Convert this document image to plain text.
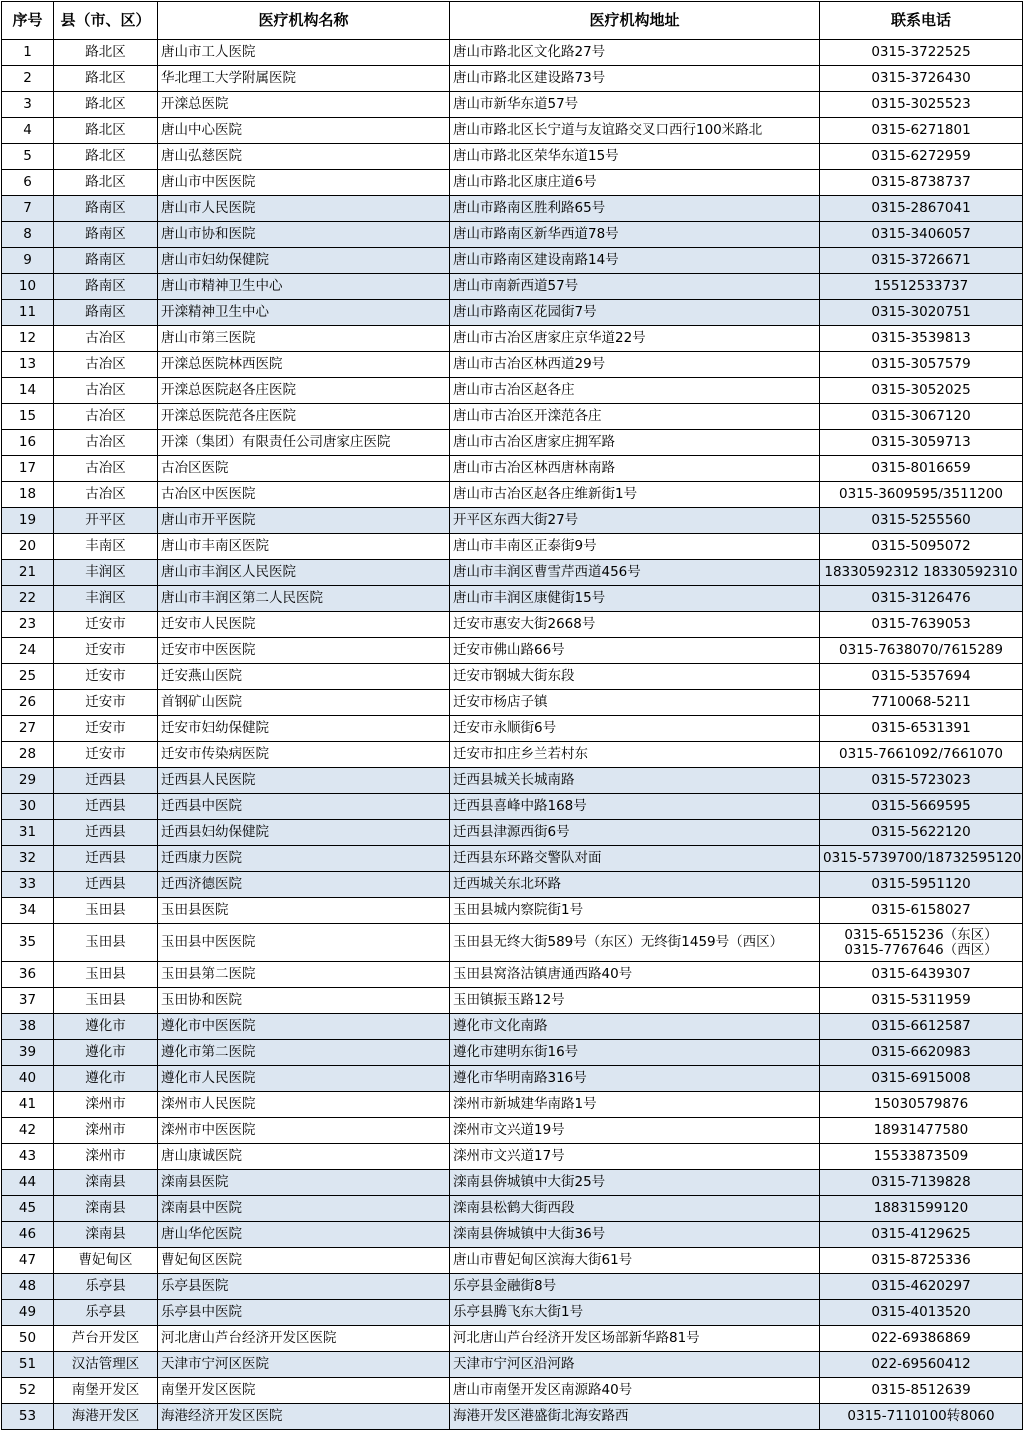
序号	县（市、区）	医疗机构名称	医疗机构地址	联系电话
1	路北区	唐山市工人医院	唐山市路北区文化路27号	0315-3722525

2	路北区	华北理工大学附属医院	唐山市路北区建设路73号	0315-3726430

3	路北区	开滦总医院	唐山市新华东道57号	0315-3025523

4	路北区	唐山中心医院	唐山市路北区长宁道与友谊路交叉口西行100米路北	0315-6271801

5	路北区	唐山弘慈医院	唐山市路北区荣华东道15号	0315-6272959

6	路北区	唐山市中医医院	唐山市路北区康庄道6号	0315-8738737

7	路南区	唐山市人民医院	唐山市路南区胜利路65号	0315-2867041

8	路南区	唐山市协和医院	唐山市路南区新华西道78号	0315-3406057

9	路南区	唐山市妇幼保健院	唐山市路南区建设南路14号	0315-3726671

10	路南区	唐山市精神卫生中心	唐山市南新西道57号	15512533737

11	路南区	开滦精神卫生中心	唐山市路南区花园街7号	0315-3020751

12	古冶区	唐山市第三医院	唐山市古冶区唐家庄京华道22号	0315-3539813

13	古冶区	开滦总医院林西医院	唐山市古冶区林西道29号	0315-3057579

14	古冶区	开滦总医院赵各庄医院	唐山市古冶区赵各庄	0315-3052025

15	古冶区	开滦总医院范各庄医院	唐山市古冶区开滦范各庄	0315-3067120

16	古冶区	开滦（集团）有限责任公司唐家庄医院	唐山市古冶区唐家庄拥军路	0315-3059713

17	古冶区	古冶区医院	唐山市古冶区林西唐林南路	0315-8016659

18	古冶区	古冶区中医医院	唐山市古冶区赵各庄维新街1号	0315-3609595/3511200

19	开平区	唐山市开平医院	开平区东西大街27号	0315-5255560

20	丰南区	唐山市丰南区医院	唐山市丰南区正泰街9号	0315-5095072

21	丰润区	唐山市丰润区人民医院	唐山市丰润区曹雪芹西道456号	18330592312 18330592310

22	丰润区	唐山市丰润区第二人民医院	唐山市丰润区康健街15号	0315-3126476

23	迁安市	迁安市人民医院	迁安市惠安大街2668号	0315-7639053

24	迁安市	迁安市中医医院	迁安市佛山路66号	0315-7638070/7615289

25	迁安市	迁安燕山医院	迁安市钢城大街东段	0315-5357694

26	迁安市	首钢矿山医院	迁安市杨店子镇	7710068-5211

27	迁安市	迁安市妇幼保健院	迁安市永顺街6号	0315-6531391

28	迁安市	迁安市传染病医院	迁安市扣庄乡兰若村东	0315-7661092/7661070

29	迁西县	迁西县人民医院	迁西县城关长城南路	0315-5723023

30	迁西县	迁西县中医院	迁西县喜峰中路168号	0315-5669595

31	迁西县	迁西县妇幼保健院	迁西县津源西街6号	0315-5622120

32	迁西县	迁西康力医院	迁西县东环路交警队对面	0315-5739700/18732595120

33	迁西县	迁西济德医院	迁西城关东北环路	0315-5951120

34	玉田县	玉田县医院	玉田县城内察院街1号	0315-6158027

35	玉田县	玉田县中医医院	玉田县无终大街589号（东区）无终街1459号（西区）	0315-6515236（东区）
0315-7767646（西区）

36	玉田县	玉田县第二医院	玉田县窝洛沽镇唐通西路40号	0315-6439307

37	玉田县	玉田协和医院	玉田镇振玉路12号	0315-5311959

38	遵化市	遵化市中医医院	遵化市文化南路	0315-6612587

39	遵化市	遵化市第二医院	遵化市建明东街16号	0315-6620983

40	遵化市	遵化市人民医院	遵化市华明南路316号	0315-6915008

41	滦州市	滦州市人民医院	滦州市新城建华南路1号	15030579876

42	滦州市	滦州市中医医院	滦州市文兴道19号	18931477580

43	滦州市	唐山康诚医院	滦州市文兴道17号	15533873509

44	滦南县	滦南县医院	滦南县倴城镇中大街25号	0315-7139828

45	滦南县	滦南县中医院	滦南县松鹤大街西段	18831599120

46	滦南县	唐山华佗医院	滦南县倴城镇中大街36号	0315-4129625

47	曹妃甸区	曹妃甸区医院	唐山市曹妃甸区滨海大街61号	0315-8725336

48	乐亭县	乐亭县医院	乐亭县金融街8号	0315-4620297

49	乐亭县	乐亭县中医院	乐亭县腾飞东大街1号	0315-4013520

50	芦台开发区	河北唐山芦台经济开发区医院	河北唐山芦台经济开发区场部新华路81号	022-69386869

51	汉沽管理区	天津市宁河区医院	天津市宁河区沿河路	022-69560412

52	南堡开发区	南堡开发区医院	唐山市南堡开发区南源路40号	0315-8512639

53	海港开发区	海港经济开发区医院	海港开发区港盛街北海安路西	0315-7110100转8060
